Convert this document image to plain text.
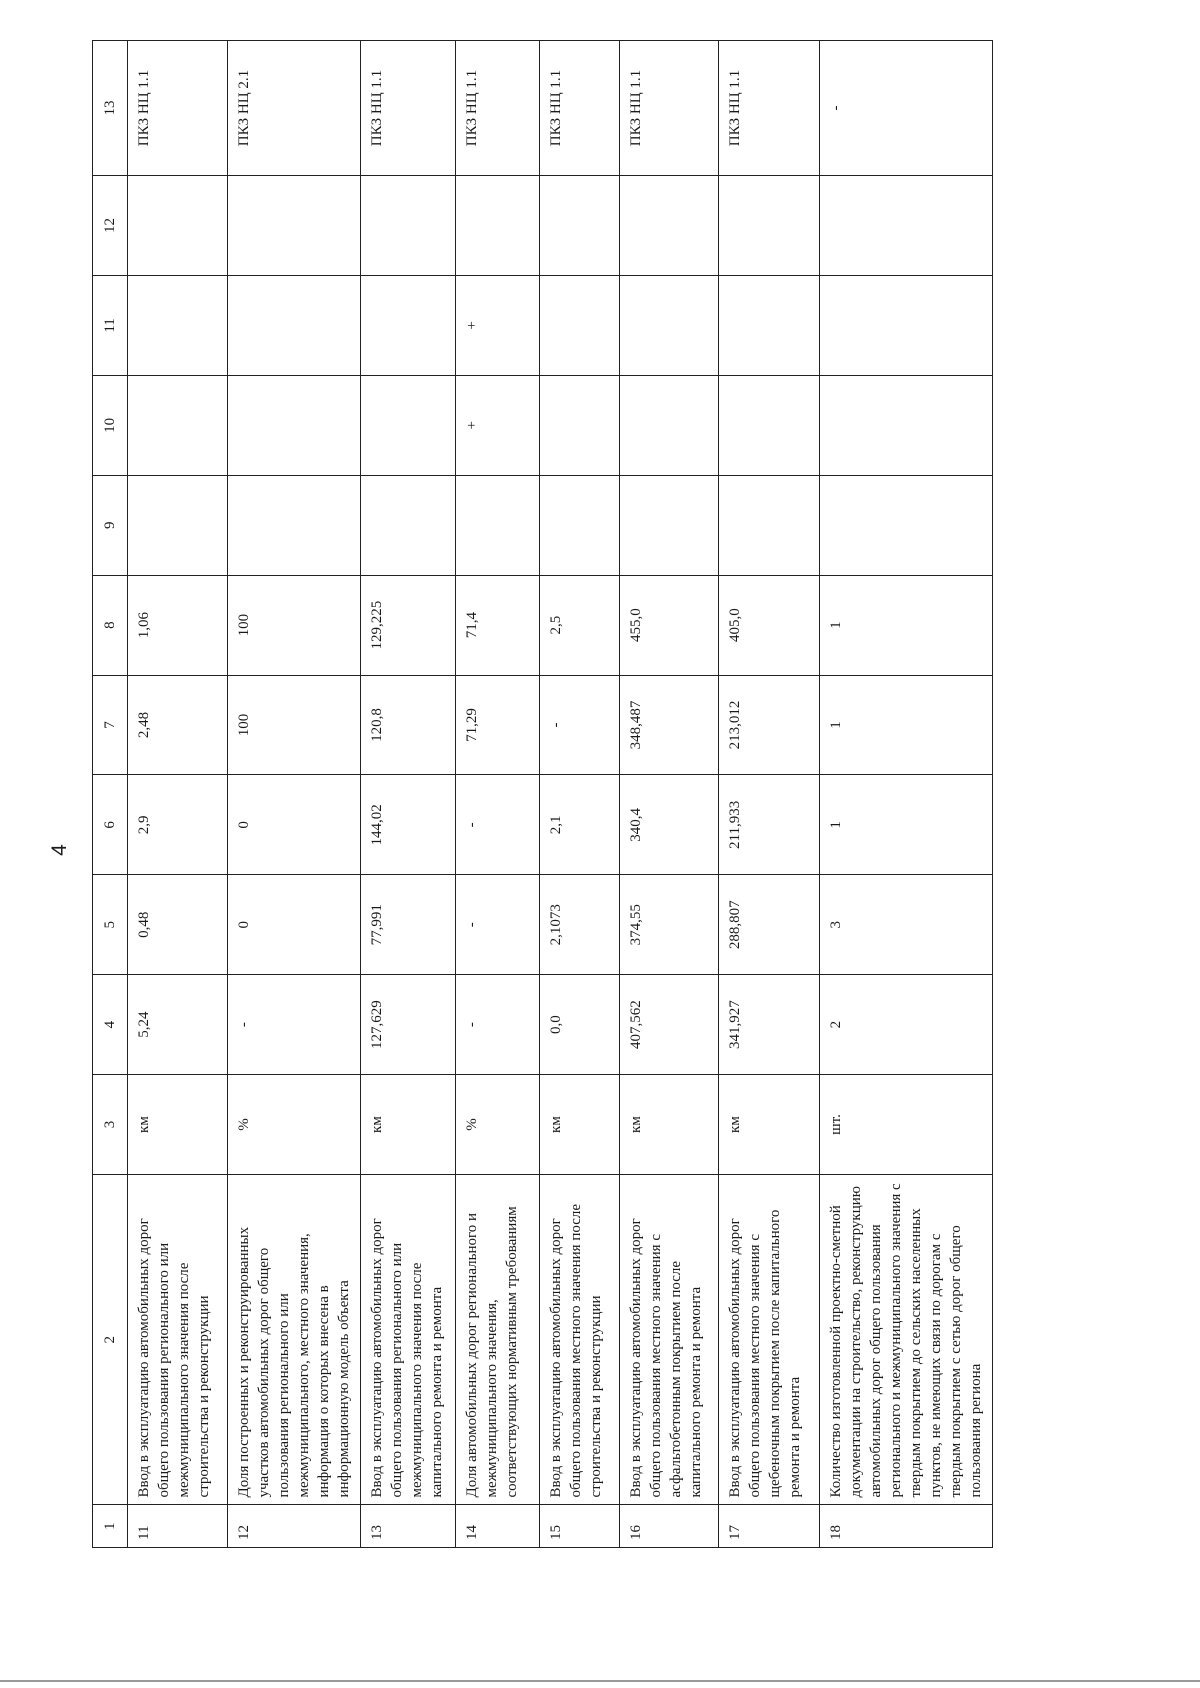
4
1	2	3	4	5	6	7	8	9	10	11	12	13
11	Ввод в эксплуатацию автомобильных дорог общего пользования регионального или межмуниципального значения после строительства и реконструкции	км	5,24	0,48	2,9	2,48	1,06					ПКЗ НЦ 1.1
12	Доля построенных и реконструированных участков автомобильных дорог общего пользования регионального или межмуниципального, местного значения, информация о которых внесена в информационную модель объекта	%	-	0	0	100	100					ПКЗ НЦ 2.1
13	Ввод в эксплуатацию автомобильных дорог общего пользования регионального или межмуниципального значения после капитального ремонта и ремонта	км	127,629	77,991	144,02	120,8	129,225					ПКЗ НЦ 1.1
14	Доля автомобильных дорог регионального и межмуниципального значения, соответствующих нормативным требованиям	%	-	-	-	71,29	71,4		+	+		ПКЗ НЦ 1.1
15	Ввод в эксплуатацию автомобильных дорог общего пользования местного значения после строительства и реконструкции	км	0,0	2,1073	2,1	-	2,5					ПКЗ НЦ 1.1
16	Ввод в эксплуатацию автомобильных дорог общего пользования местного значения с асфальтобетонным покрытием после капитального ремонта и ремонта	км	407,562	374,55	340,4	348,487	455,0					ПКЗ НЦ 1.1
17	Ввод в эксплуатацию автомобильных дорог общего пользования местного значения с щебеночным покрытием после капитального ремонта и ремонта	км	341,927	288,807	211,933	213,012	405,0					ПКЗ НЦ 1.1
18	Количество изготовленной проектно-сметной документации на строительство, реконструкцию автомобильных дорог общего пользования регионального и межмуниципального значения с твердым покрытием до сельских населенных пунктов, не имеющих связи по дорогам с твердым покрытием с сетью дорог общего пользования региона	шт.	2	3	1	1	1					-
